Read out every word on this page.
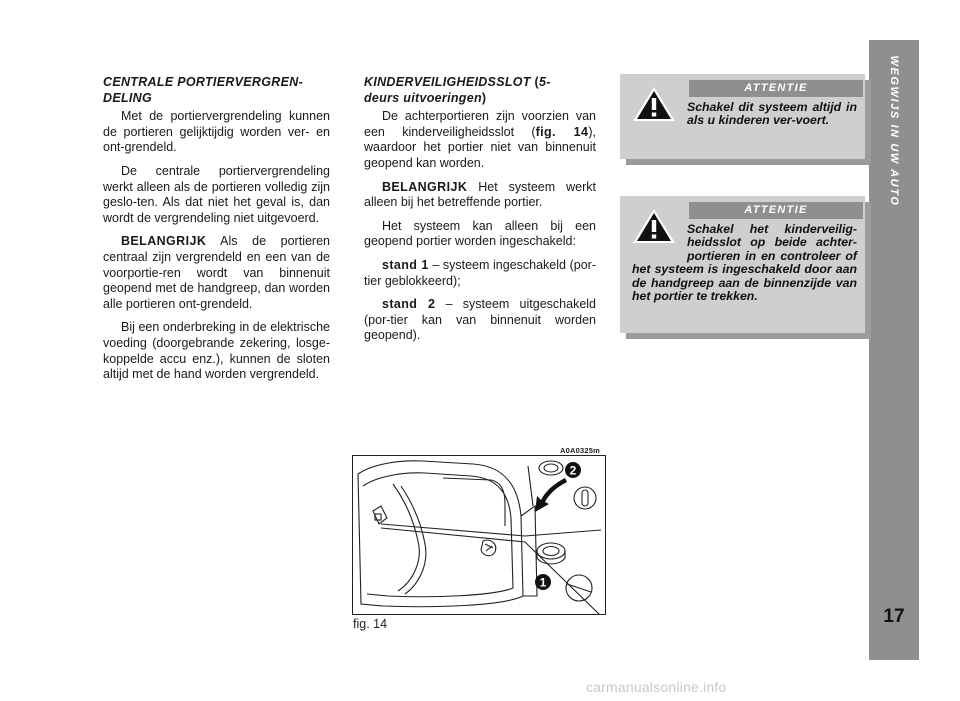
WEGWIJS IN UW AUTO
17
CENTRALE PORTIERVERGREN-
DELING

Met de portiervergrendeling kunnen de portieren gelijktijdig worden ver- en ont-grendeld.

De centrale portiervergrendeling werkt alleen als de portieren volledig zijn geslo-ten. Als dat niet het geval is, dan wordt de vergrendeling niet uitgevoerd.

BELANGRIJK Als de portieren centraal zijn vergrendeld en een van de voorportie-ren wordt van binnenuit geopend met de handgreep, dan worden alle portieren ont-grendeld.

Bij een onderbreking in de elektrische voeding (doorgebrande zekering, losge-koppelde accu enz.), kunnen de sloten altijd met de hand worden vergrendeld.

KINDERVEILIGHEIDSSLOT (5-
deurs uitvoeringen)

De achterportieren zijn voorzien van een kinderveiligheidsslot (fig. 14), waardoor het portier niet van binnenuit geopend kan worden.

BELANGRIJK Het systeem werkt alleen bij het betreffende portier.

Het systeem kan alleen bij een geopend portier worden ingeschakeld:

stand 1 – systeem ingeschakeld (por-tier geblokkeerd);

stand 2 – systeem uitgeschakeld (por-tier kan van binnenuit worden geopend).

ATTENTIE
Schakel dit systeem altijd in als u kinderen ver-voert.
ATTENTIE
Schakel het kinderveilig-heidsslot op beide achter-portieren in en controleer of het systeem is ingeschakeld door aan de handgreep aan de binnenzijde van het portier te trekken.
A0A0325m
2
1
fig. 14
carmanualsonline.info
